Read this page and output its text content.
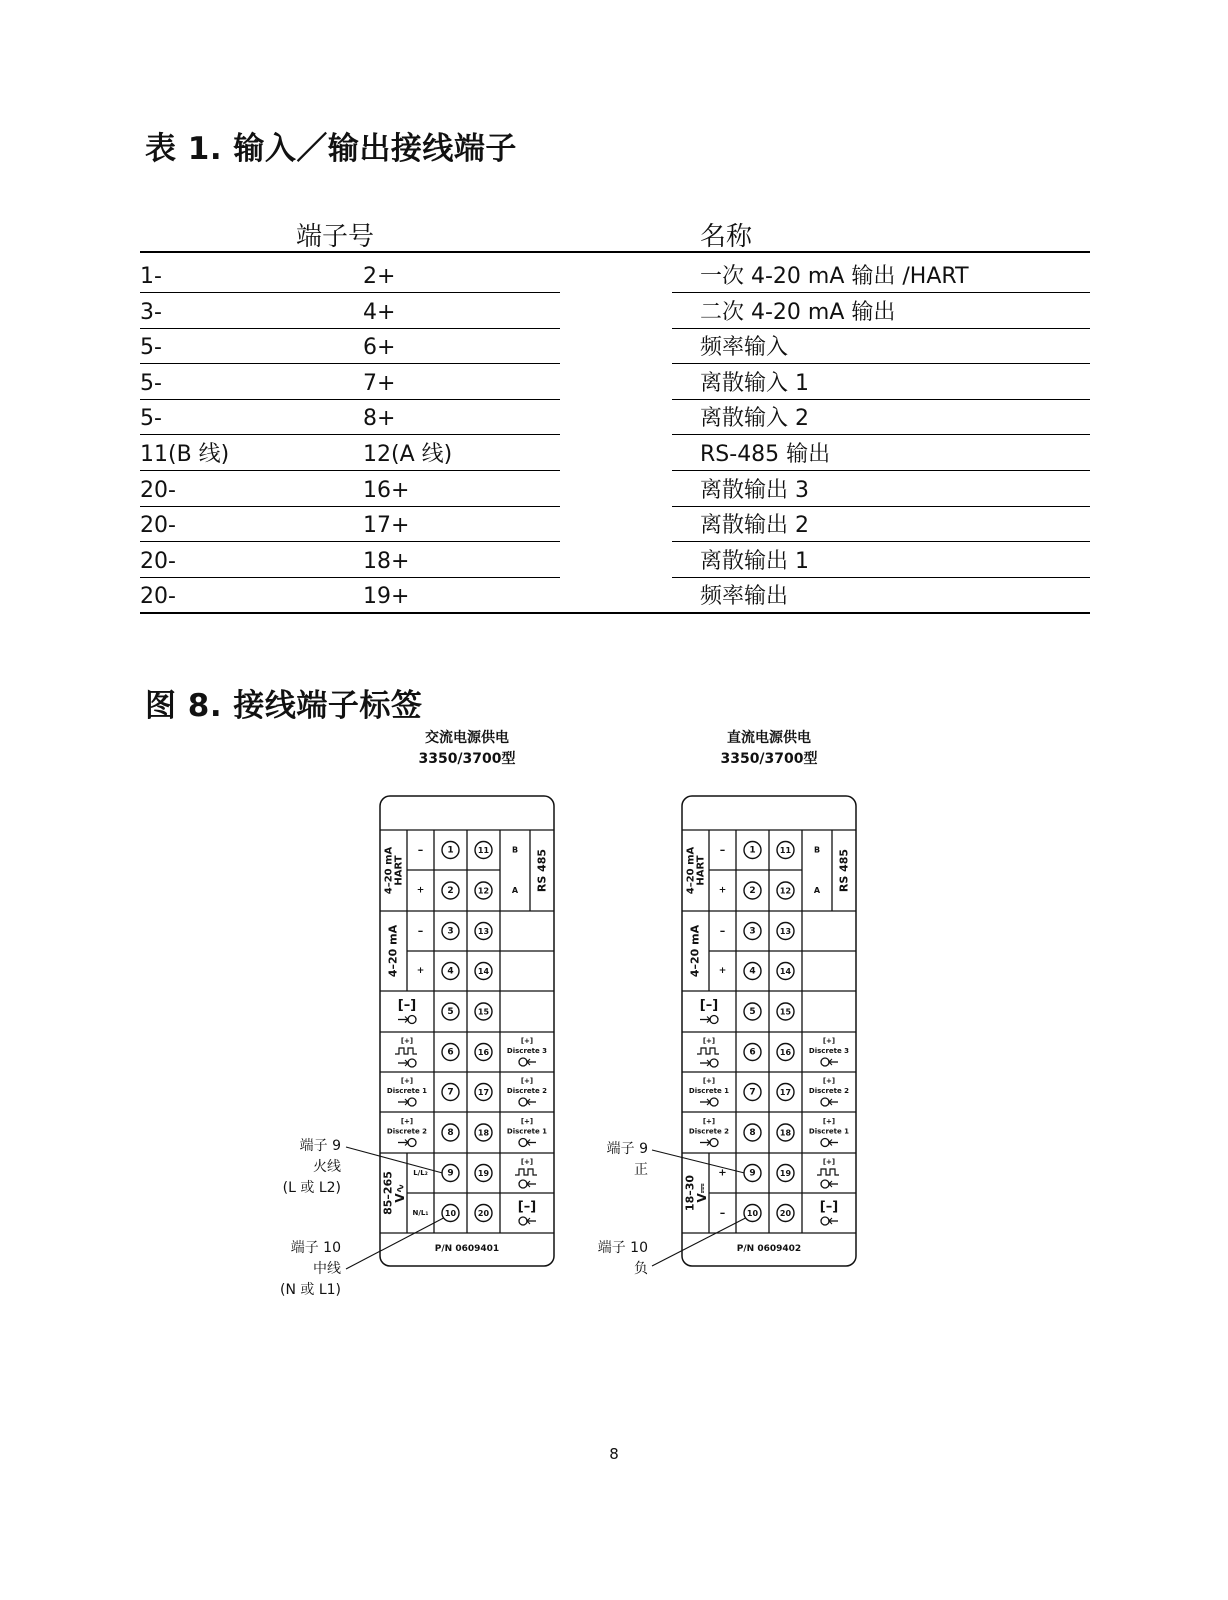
表 1. 输入／输出接线端子
端子号	名称
1-	2+	一次 4-20 mA 输出 /HART
3-	4+	二次 4-20 mA 输出
5-	6+	频率输入
5-	7+	离散输入 1
5-	8+	离散输入 2
11(B 线)	12(A 线)	RS-485 输出
20-	16+	离散输出 3
20-	17+	离散输出 2
20-	18+	离散输出 1
20-	19+	频率输出
图 8. 接线端子标签
交流电源供电
3350/3700型
直流电源供电
3350/3700型
端子 9
火线
(L 或 L2)
端子 10
中线
(N 或 L1)
端子 9
正
端子 10
负
1	11
2	12
3	13
4	14
5	15
6	16
7	17
8	18
9	19
10	20
4–20 mA HART
4–20 mA
85–265
V∿
–
+
–
+
L/L₂
N/L₁
B
A RS 485
[–]
[+]
[+]
Discrete 1
[+]
Discrete 2
[+]
Discrete 3
[+]
Discrete 2
[+]
Discrete 1
[+]
[–]
P/N 0609401
1	11
2	12
3	13
4	14
5	15
6	16
7	17
8	18
9	19
10	20
4–20 mA HART
4–20 mA
18–30
V⎓
–
+
–
+
+
–
B
A RS 485
[–]
[+]
[+]
Discrete 1
[+]
Discrete 2
[+]
Discrete 3
[+]
Discrete 2
[+]
Discrete 1
[+]
[–]
P/N 0609402
8
